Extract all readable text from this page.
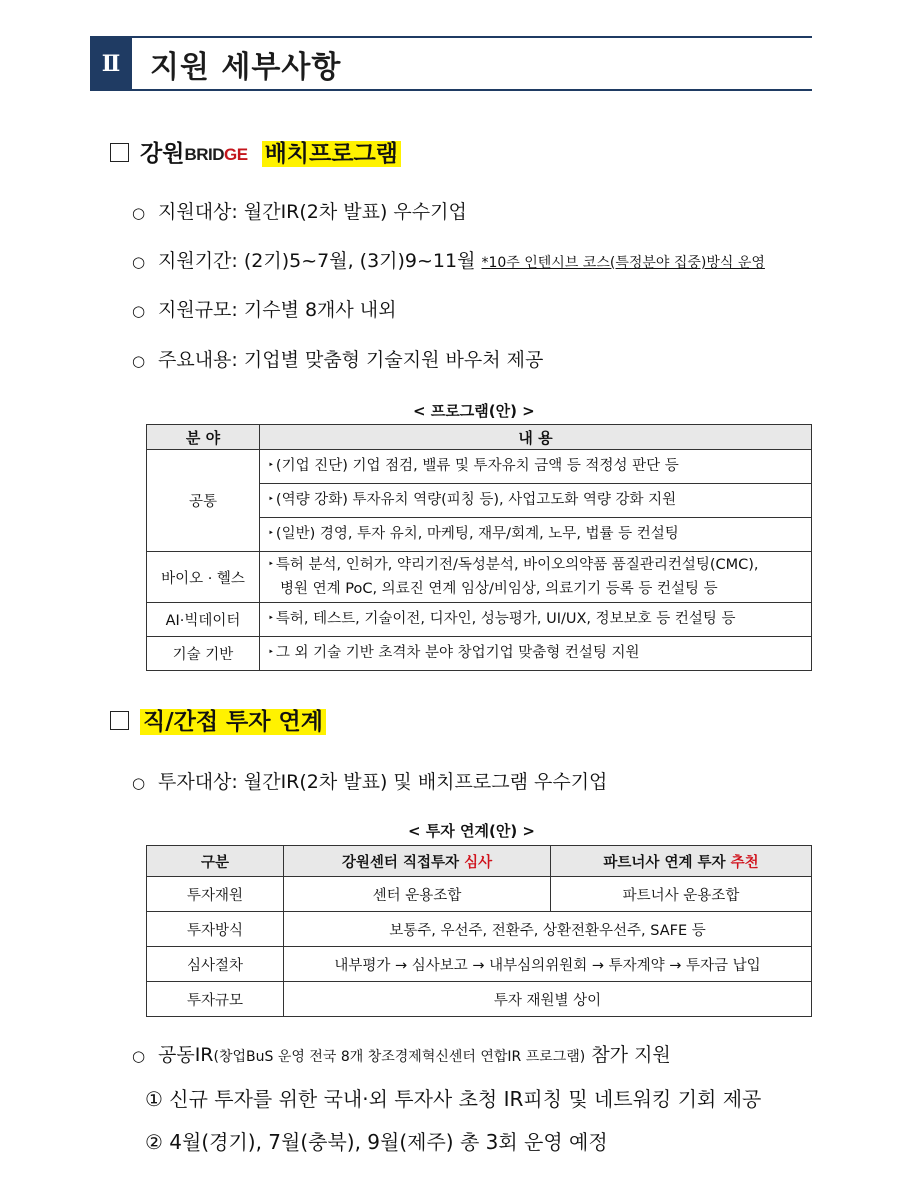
Ⅱ 지원 세부사항
강원BRIDGE 배치프로그램
○ 지원대상: 월간IR(2차 발표) 우수기업
○ 지원기간: (2기)5~7월, (3기)9~11월 *10주 인텐시브 코스(특정분야 집중)방식 운영
○ 지원규모: 기수별 8개사 내외
○ 주요내용: 기업별 맞춤형 기술지원 바우처 제공
< 프로그램(안) >
분 야	내 용
공통	‣ (기업 진단) 기업 점검, 밸류 및 투자유치 금액 등 적정성 판단 등
	‣ (역량 강화) 투자유치 역량(피칭 등), 사업고도화 역량 강화 지원
	‣ (일반) 경영, 투자 유치, 마케팅, 재무/회계, 노무, 법률 등 컨설팅
바이오 · 헬스	‣ 특허 분석, 인허가, 약리기전/독성분석, 바이오의약품 품질관리컨설팅(CMC),
병원 연계 PoC, 의료진 연계 임상/비임상, 의료기기 등록 등 컨설팅 등
AI·빅데이터	‣ 특허, 테스트, 기술이전, 디자인, 성능평가, UI/UX, 정보보호 등 컨설팅 등
기술 기반	‣ 그 외 기술 기반 초격차 분야 창업기업 맞춤형 컨설팅 지원
직/간접 투자 연계
○ 투자대상: 월간IR(2차 발표) 및 배치프로그램 우수기업
< 투자 연계(안) >
구분	강원센터 직접투자 심사	파트너사 연계 투자 추천
투자재원	센터 운용조합	파트너사 운용조합
투자방식	보통주, 우선주, 전환주, 상환전환우선주, SAFE 등	
심사절차	내부평가 → 심사보고 → 내부심의위원회 → 투자계약 → 투자금 납입	
투자규모	투자 재원별 상이	
○ 공동IR(창업BuS 운영 전국 8개 창조경제혁신센터 연합IR 프로그램) 참가 지원
① 신규 투자를 위한 국내·외 투자사 초청 IR피칭 및 네트워킹 기회 제공
② 4월(경기), 7월(충북), 9월(제주) 총 3회 운영 예정
